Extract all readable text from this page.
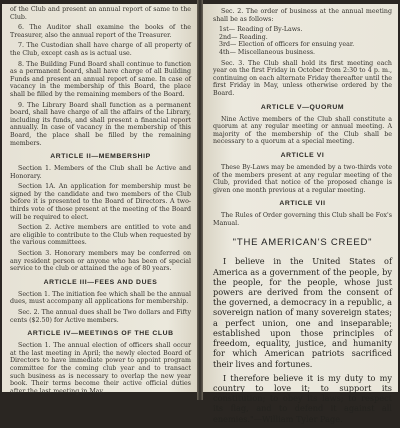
of the Club and present an annual report of same to the Club.

6. The Auditor shall examine the books of the Treasurer, also the annual report of the Treasurer.

7. The Custodian shall have charge of all property of the Club, except cash as is actual use.

8. The Building Fund Board shall continue to function as a permanent board, shall have charge of all Building Funds and present an annual report of same. In case of vacancy in the membership of this Board, the place shall be filled by the remaining members of the Board.

9. The Library Board shall function as a permanent board, shall have charge of all the affairs of the Library, including its funds, and shall present a financial report annually. In case of vacancy in the membership of this Board, the place shall be filled by the remaining members.

ARTICLE II—MEMBERSHIP

Section 1. Members of the Club shall be Active and Honorary.

Section 1A. An application for membership must be signed by the candidate and two members of the Club before it is presented to the Board of Directors. A two-thirds vote of those present at the meeting of the Board will be required to elect.

Section 2. Active members are entitled to vote and are eligible to contribute to the Club when requested by the various committees.

Section 3. Honorary members may be conferred on any resident person or anyone who has been of special service to the club or attained the age of 80 years.

ARTICLE III—FEES AND DUES

Section 1. The initiation fee which shall be the annual dues, must accompany all applications for membership.

Sec. 2. The annual dues shall be Two dollars and Fifty cents ($2.50) for Active members.

ARTICLE IV—MEETINGS OF THE CLUB

Section 1. The annual election of officers shall occur at the last meeting in April; the newly elected Board of Directors to have immediate power to appoint program committee for the coming club year and to transact such business as is necessary to overlap the new year book. Their terms become their active official duties after the last meeting in May.

Sec. 2. The order of business at the annual meeting shall be as follows:

1st— Reading of By-Laws.

2nd— Reading.

3rd— Election of officers for ensuing year.

4th— Miscellaneous business.

Sec. 3. The Club shall hold its first meeting each year on the first Friday in October from 2:30 to 4 p. m., continuing on each alternate Friday thereafter until the first Friday in May, unless otherwise ordered by the Board.

ARTICLE V—QUORUM

Nine Active members of the Club shall constitute a quorum at any regular meeting or annual meeting. A majority of the membership of the Club shall be necessary to a quorum at a special meeting.

ARTICLE VI

These By-Laws may be amended by a two-thirds vote of the members present at any regular meeting of the Club, provided that notice of the proposed change is given one month previous at a regular meeting.

ARTICLE VII

The Rules of Order governing this Club shall be Fox's Manual.

"THE AMERICAN'S CREED"

I believe in the United States of America as a government of the people, by the people, for the people, whose just powers are derived from the consent of the governed, a democracy in a republic, a sovereign nation of many sovereign states; a perfect union, one and inseparable; established upon those principles of freedom, equality, justice, and humanity for which American patriots sacrificed their lives and fortunes.

I therefore believe it is my duty to my country to love it; to support its constitution; to obey its laws; to respect its flag, and to defend it against all enemies."—William Tyler Page.
